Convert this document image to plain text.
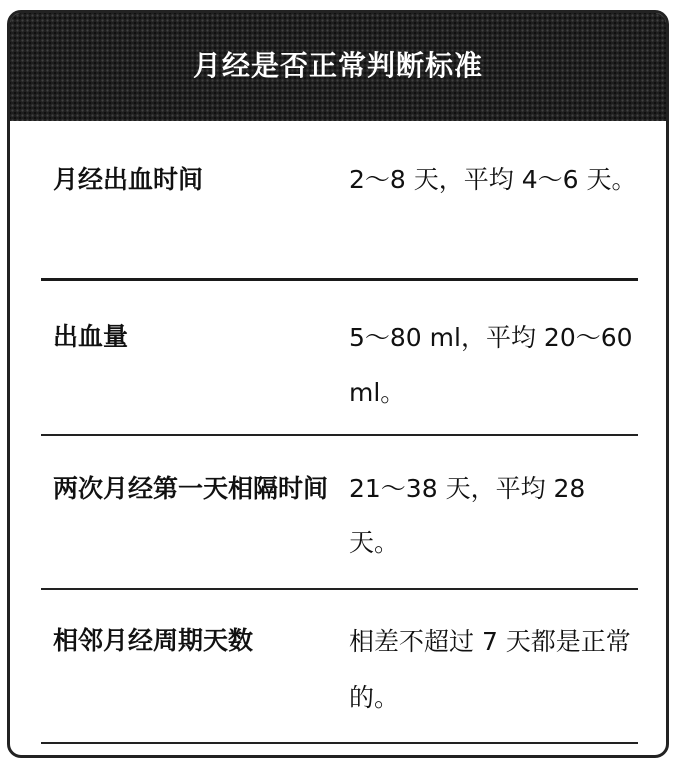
月经是否正常判断标准
月经出血时间	2～8 天，平均 4～6 天。
出血量	5～80 ml，平均 20～60 ml。
两次月经第一天相隔时间 21～38 天，平均 28 天。
相邻月经周期天数	相差不超过 7 天都是正常的。
